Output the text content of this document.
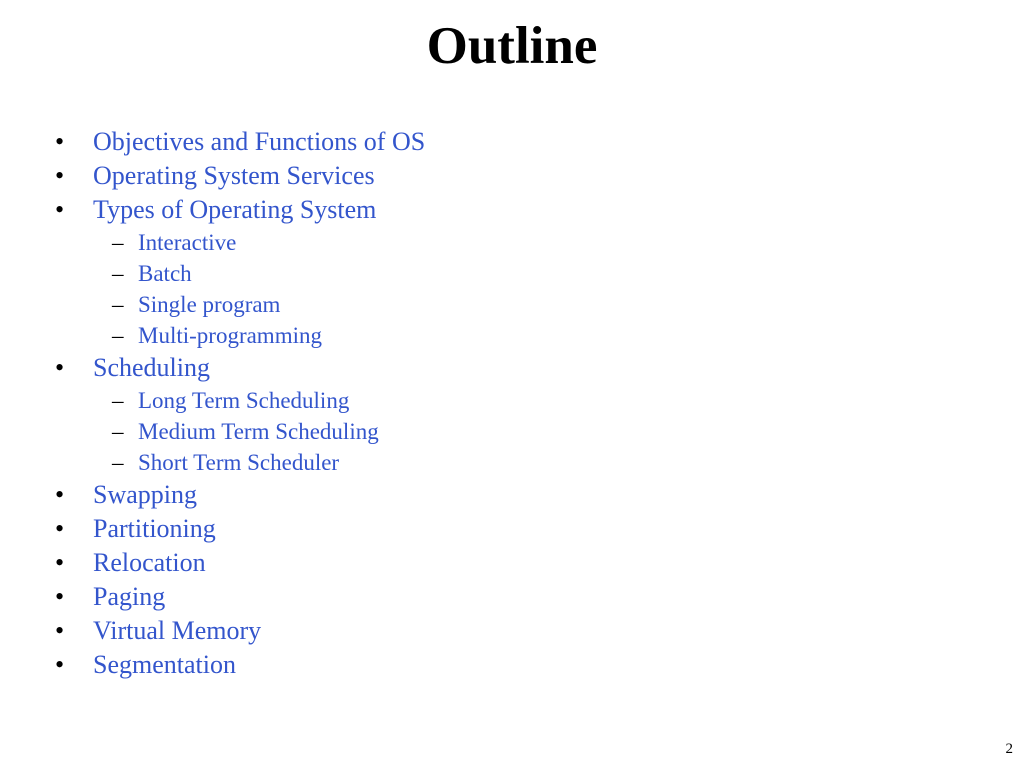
Outline
• Objectives and Functions of OS
• Operating System Services
• Types of Operating System
– Interactive
– Batch
– Single program
– Multi-programming
• Scheduling
– Long Term Scheduling
– Medium Term Scheduling
– Short Term Scheduler
• Swapping
• Partitioning
• Relocation
• Paging
• Virtual Memory
• Segmentation
2
